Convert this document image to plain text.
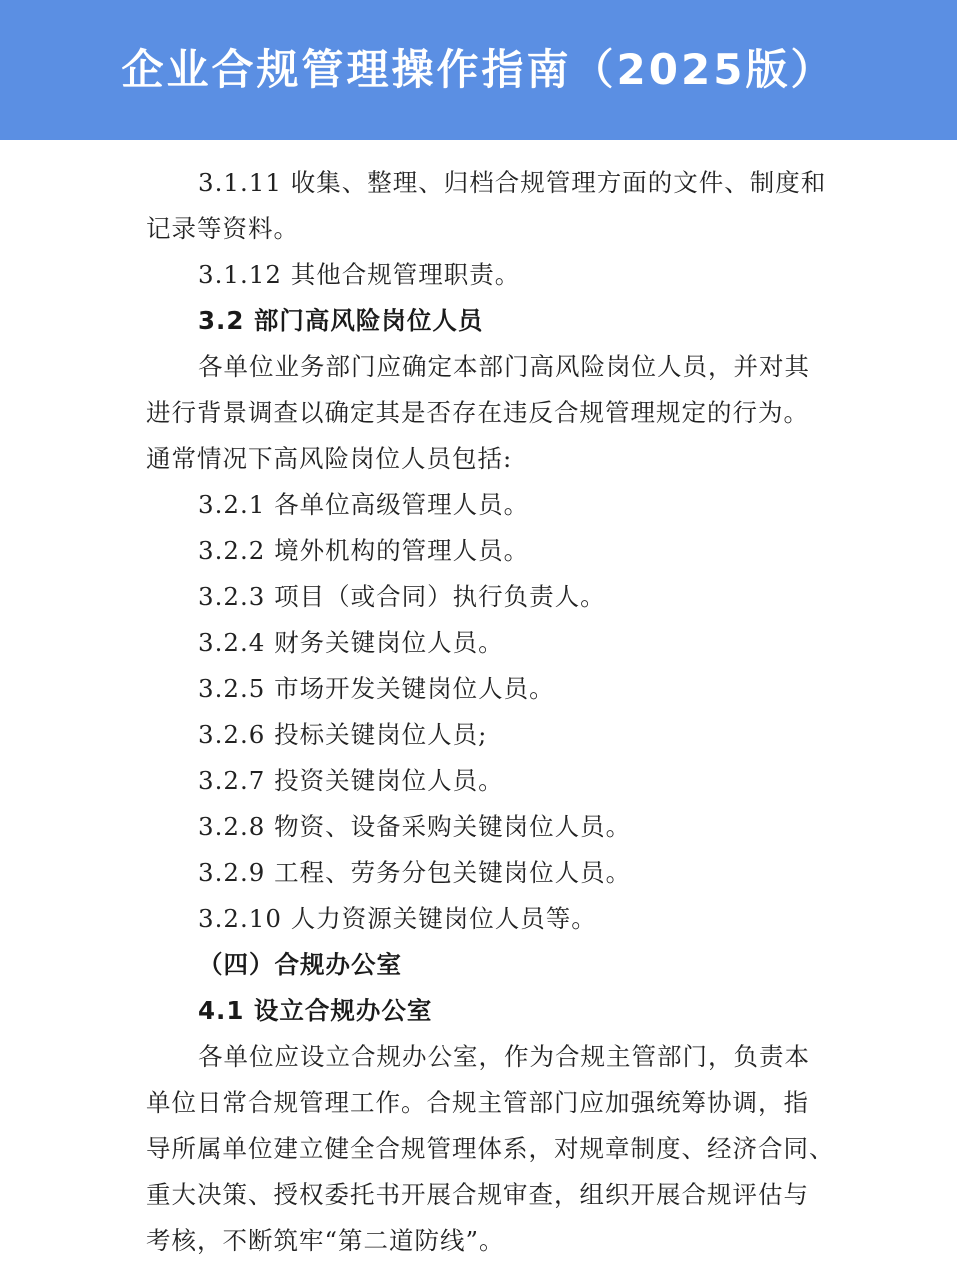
企业合规管理操作指南（2025版）

3.1.11 收集、整理、归档合规管理方面的文件、制度和

记录等资料。

3.1.12 其他合规管理职责。

3.2 部门高风险岗位人员

各单位业务部门应确定本部门高风险岗位人员，并对其

进行背景调查以确定其是否存在违反合规管理规定的行为。

通常情况下高风险岗位人员包括:

3.2.1 各单位高级管理人员。

3.2.2 境外机构的管理人员。

3.2.3 项目（或合同）执行负责人。

3.2.4 财务关键岗位人员。

3.2.5 市场开发关键岗位人员。

3.2.6 投标关键岗位人员;

3.2.7 投资关键岗位人员。

3.2.8 物资、设备采购关键岗位人员。

3.2.9 工程、劳务分包关键岗位人员。

3.2.10 人力资源关键岗位人员等。

（四）合规办公室

4.1 设立合规办公室

各单位应设立合规办公室，作为合规主管部门，负责本

单位日常合规管理工作。合规主管部门应加强统筹协调，指

导所属单位建立健全合规管理体系，对规章制度、经济合同、

重大决策、授权委托书开展合规审查，组织开展合规评估与

考核，不断筑牢“第二道防线”。
